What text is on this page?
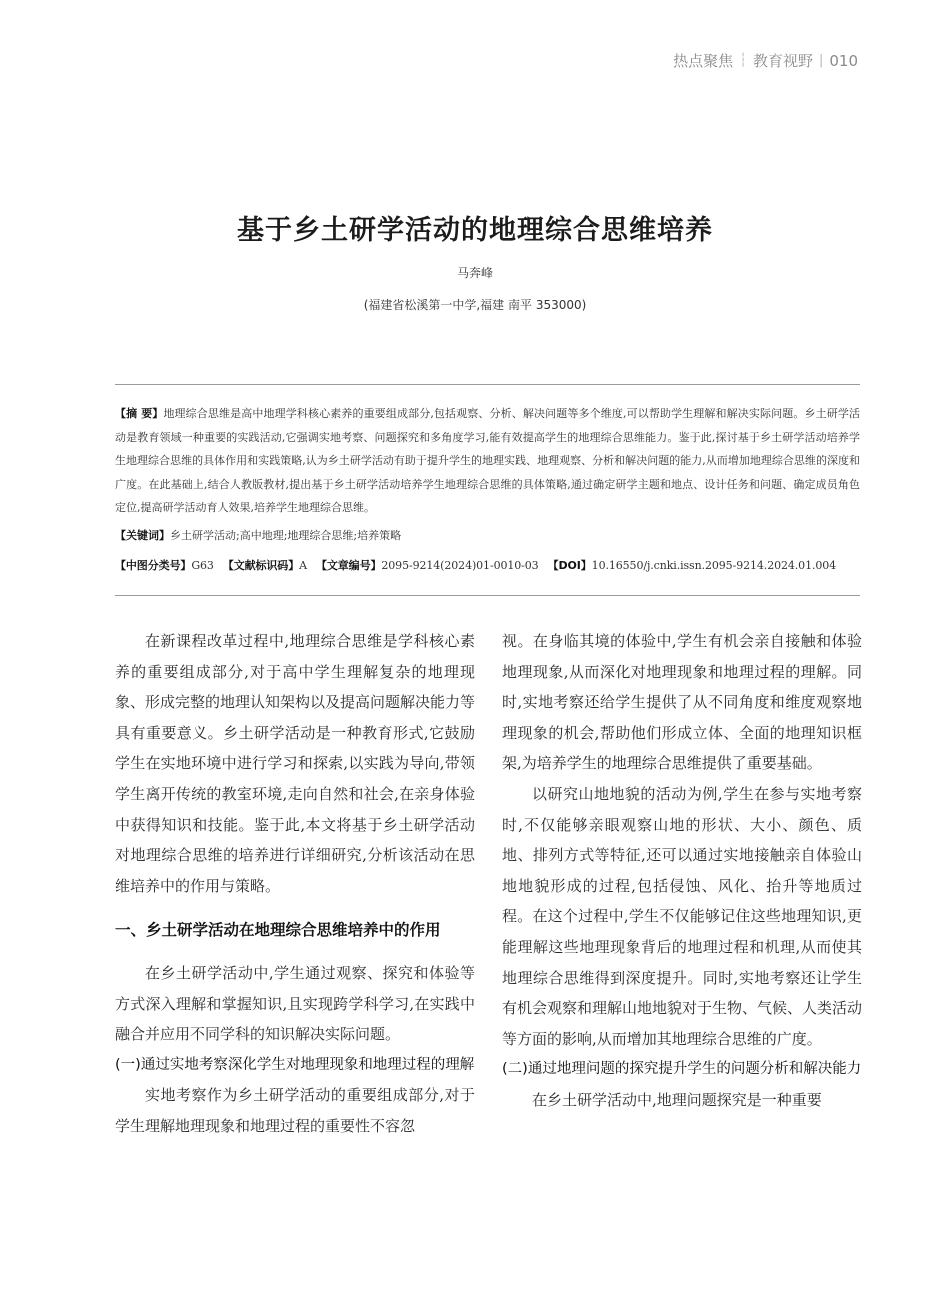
热点聚焦 ┆ 教育视野 | 010
基于乡土研学活动的地理综合思维培养
马奔峰
(福建省松溪第一中学,福建 南平 353000)
【摘 要】地理综合思维是高中地理学科核心素养的重要组成部分,包括观察、分析、解决问题等多个维度,可以帮助学生理解和解决实际问题。乡土研学活动是教育领域一种重要的实践活动,它强调实地考察、问题探究和多角度学习,能有效提高学生的地理综合思维能力。鉴于此,探讨基于乡土研学活动培养学生地理综合思维的具体作用和实践策略,认为乡土研学活动有助于提升学生的地理实践、地理观察、分析和解决问题的能力,从而增加地理综合思维的深度和广度。在此基础上,结合人教版教材,提出基于乡土研学活动培养学生地理综合思维的具体策略,通过确定研学主题和地点、设计任务和问题、确定成员角色定位,提高研学活动育人效果,培养学生地理综合思维。
【关键词】乡土研学活动;高中地理;地理综合思维;培养策略
【中图分类号】G63 【文献标识码】A 【文章编号】2095-9214(2024)01-0010-03 【DOI】10.16550/j.cnki.issn.2095-9214.2024.01.004

在新课程改革过程中,地理综合思维是学科核心素养的重要组成部分,对于高中学生理解复杂的地理现象、形成完整的地理认知架构以及提高问题解决能力等具有重要意义。乡土研学活动是一种教育形式,它鼓励学生在实地环境中进行学习和探索,以实践为导向,带领学生离开传统的教室环境,走向自然和社会,在亲身体验中获得知识和技能。鉴于此,本文将基于乡土研学活动对地理综合思维的培养进行详细研究,分析该活动在思维培养中的作用与策略。

一、乡土研学活动在地理综合思维培养中的作用

在乡土研学活动中,学生通过观察、探究和体验等方式深入理解和掌握知识,且实现跨学科学习,在实践中融合并应用不同学科的知识解决实际问题。

(一)通过实地考察深化学生对地理现象和地理过程的理解

实地考察作为乡土研学活动的重要组成部分,对于学生理解地理现象和地理过程的重要性不容忽

视。在身临其境的体验中,学生有机会亲自接触和体验地理现象,从而深化对地理现象和地理过程的理解。同时,实地考察还给学生提供了从不同角度和维度观察地理现象的机会,帮助他们形成立体、全面的地理知识框架,为培养学生的地理综合思维提供了重要基础。

以研究山地地貌的活动为例,学生在参与实地考察时,不仅能够亲眼观察山地的形状、大小、颜色、质地、排列方式等特征,还可以通过实地接触亲自体验山地地貌形成的过程,包括侵蚀、风化、抬升等地质过程。在这个过程中,学生不仅能够记住这些地理知识,更能理解这些地理现象背后的地理过程和机理,从而使其地理综合思维得到深度提升。同时,实地考察还让学生有机会观察和理解山地地貌对于生物、气候、人类活动等方面的影响,从而增加其地理综合思维的广度。

(二)通过地理问题的探究提升学生的问题分析和解决能力

在乡土研学活动中,地理问题探究是一种重要
